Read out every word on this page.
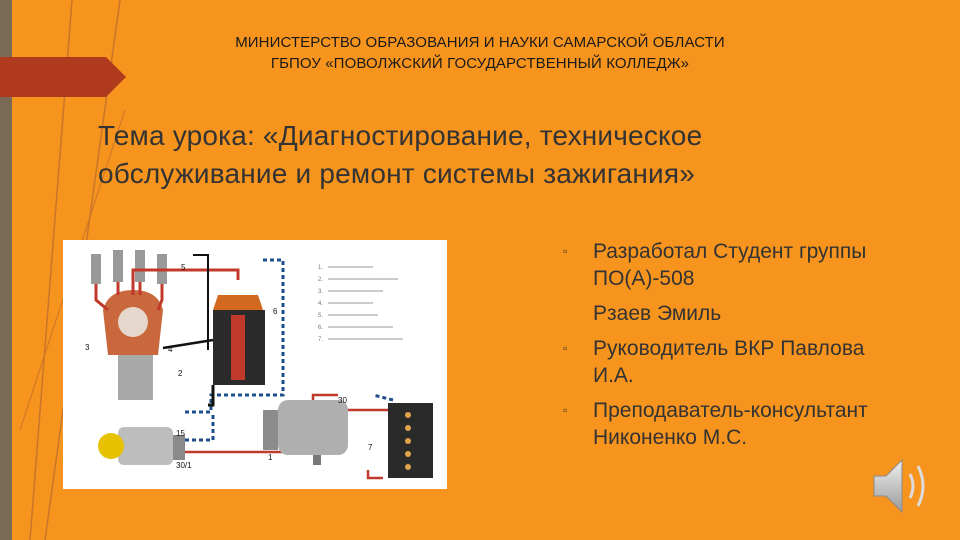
МИНИСТЕРСТВО ОБРАЗОВАНИЯ И НАУКИ САМАРСКОЙ ОБЛАСТИ
ГБПОУ «ПОВОЛЖСКИЙ ГОСУДАРСТВЕННЫЙ КОЛЛЕДЖ»
Тема урока: «Диагностирование, техническое
обслуживание и ремонт системы зажигания»
1.
2.
3.
4.
5.
6.
7.
2
3	4
5
6
7
1
15
30
30/1
▫ Разработал Студент группы ПО(А)-508
Рзаев Эмиль
▫ Руководитель ВКР Павлова И.А.
▫ Преподаватель-консультант Никоненко М.С.
